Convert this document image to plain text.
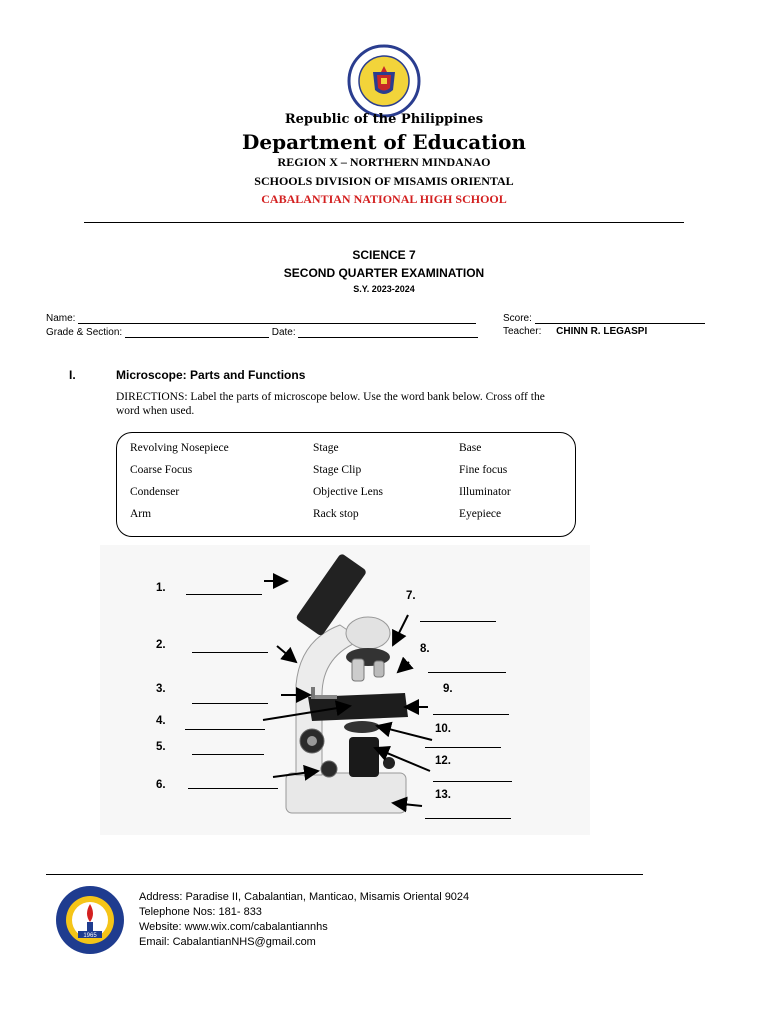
Republic of the Philippines
Department of Education
REGION X – NORTHERN MINDANAO
SCHOOLS DIVISION OF MISAMIS ORIENTAL
CABALANTIAN NATIONAL HIGH SCHOOL
SCIENCE 7
SECOND QUARTER EXAMINATION
S.Y. 2023-2024
Name:	Score:
Grade & Section:	Date:	Teacher: CHINN R. LEGASPI
I.	Microscope: Parts and Functions
DIRECTIONS: Label the parts of microscope below. Use the word bank below. Cross off the
word when used.
Revolving Nosepiece	Stage	Base
Coarse Focus	Stage Clip	Fine focus
Condenser	Objective Lens	Illuminator
Arm	Rack stop	Eyepiece
1.
2.
3.
4.
5.
6.
7.
8.
9.
10.
12.
13.
1965
Address: Paradise II, Cabalantian, Manticao, Misamis Oriental 9024
Telephone Nos: 181- 833
Website: www.wix.com/cabalantiannhs
Email: CabalantianNHS@gmail.com
